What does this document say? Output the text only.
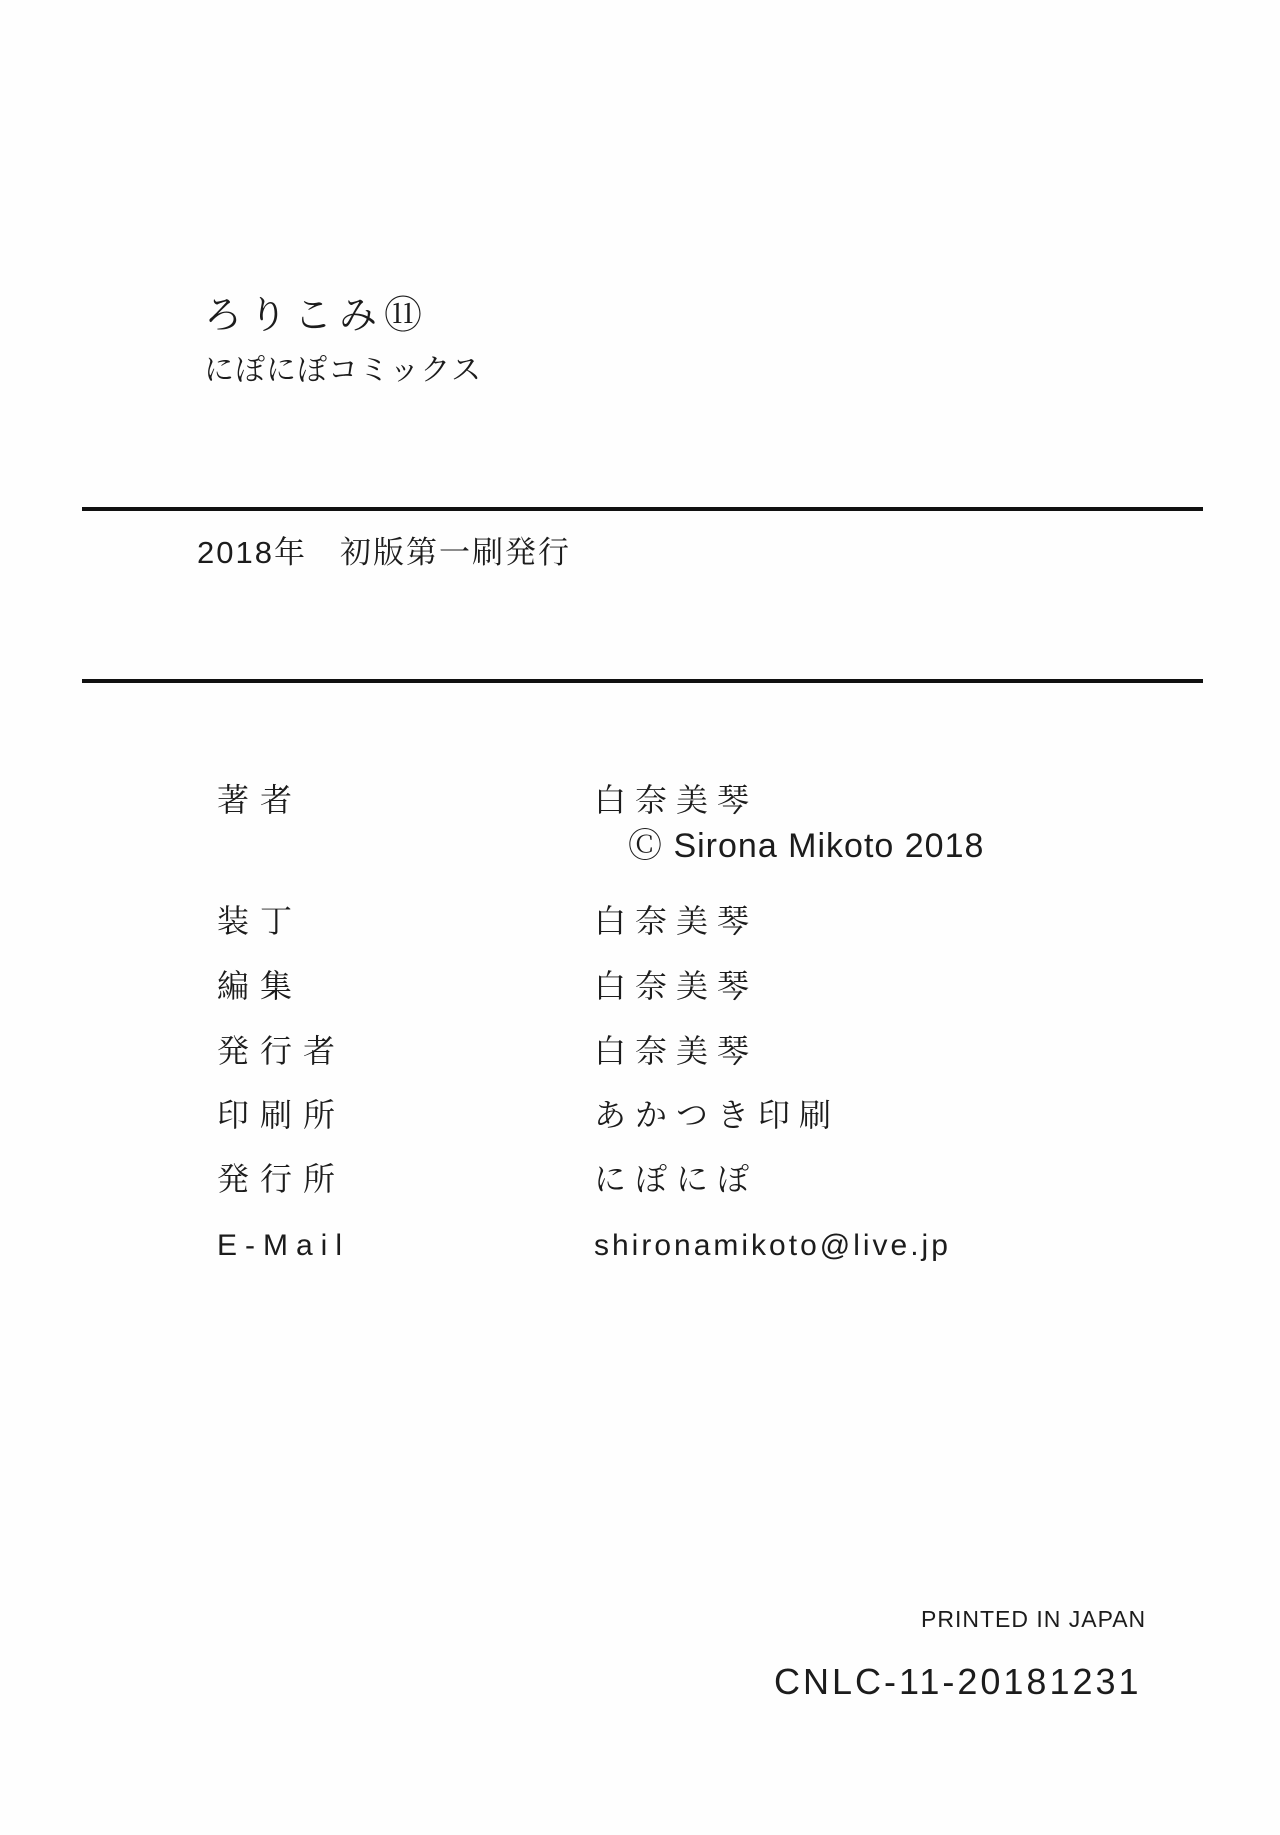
ろりこみ⑪
にぽにぽコミックス
2018年　初版第一刷発行
著者	白奈美琴
Ⓒ Sirona Mikoto 2018
装丁	白奈美琴
編集	白奈美琴
発行者	白奈美琴
印刷所	あかつき印刷
発行所	にぽにぽ
E-Mail	shironamikoto@live.jp
PRINTED IN JAPAN
CNLC-11-20181231
